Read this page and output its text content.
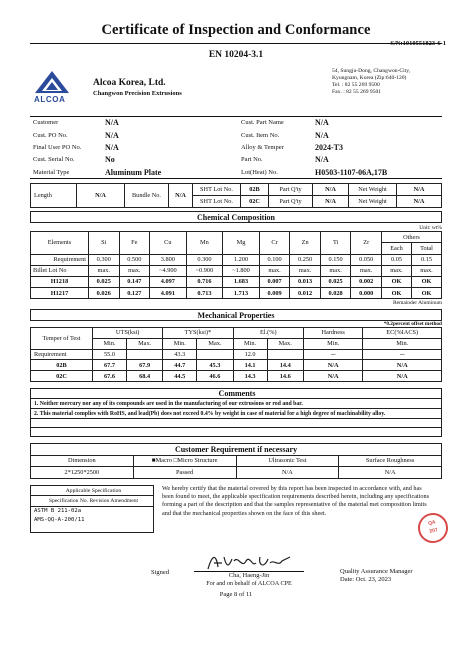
Certificate of Inspection and Conformance
S/N:1010551823-6-1
EN 10204-3.1
ALCOA
Alcoa Korea, Ltd.
Changwon Precision Extrusions
54, Sungju-Dong, Changwon-City,
Kyungnam, Korea (Zip:640-120)
Tel. : 82 55 269 9500
Fax. : 82 55 269 9501
Customer	N/A	Cust. Part Name	N/A
Cust. PO No.	N/A	Cust. Item No.	N/A
Final User PO No.	N/A	Alloy & Temper	2024-T3
Cust. Serial No.	No	Part No.	N/A
Material Type	Aluminum Plate	Lot(Heat) No.	H0503-1107-06A,17B
Length	N/A	Bundle No.	N/A	SHT Lot No.	02B	Part Q'ty	N/A	Net Weight	N/A
				SHT Lot No.	02C	Part Q'ty	N/A	Net Weight	N/A
Chemical Composition
Unit: wt%
Elements	Si	Fe	Cu	Mn	Mg	Cr	Zn	Ti	Zr	Others	
										Each	Total
Requirement	0.300	0.500	3.800	0.300	1.200	0.100	0.250	0.150	0.050	0.05	0.15
Billet Lot No	max.	max.	~4.900	~0.900	~1.800	max.	max.	max.	max.	max.	max.
H1218	0.025	0.147	4.097	0.716	1.683	0.007	0.013	0.025	0.002	OK	OK
H1217	0.026	0.127	4.091	0.713	1.713	0.009	0.012	0.028	0.000	OK	OK
Remainder Aluminum
Mechanical Properties
*0.2percent offset method
Temper of Test	UTS(ksi)		TYS(ksi)*		El.(%)		Hardness	EC(%IACS)
	Min.	Max.	Min.	Max.	Min.	Max.	Min.	Min.
Requirement	55.0		43.3		12.0		─	─
02B	67.7	67.9	44.7	45.3	14.1	14.4	N/A	N/A
02C	67.6	68.4	44.5	46.6	14.3	14.6	N/A	N/A
Comments
1. Neither mercury nor any of its compounds are used in the manufacturing of our extrusions or rod and bar.
2. This material complies with RoHS, and lead(Pb) does not exceed 0.4% by weight in case of material for a high degree of machinability alloy.

Customer Requirement if necessary			
Dimension	■Macro □Micro Structure	Ultrasonic Test	Surface Roughness
2*1250*2500	Passed	N/A	N/A
Applicable Specification
Specification No. Revision Amendment
ASTM B 211-02a
AMS-QQ-A-200/11
We hereby certify that the material covered by this report has been inspected in accordance with, and has been found to meet, the applicable specification requirements described herein, including any specifications forming a part of the description and that the samples representative of the material met composition limits and that the mechanical properties shown on the face of this sheet.
QA
207
Signed	Cha, Haeng-Jin
For and on behalf of ALCOA CPE
Quality Assurance Manager
Date: Oct. 23, 2023
Page 8 of 11
